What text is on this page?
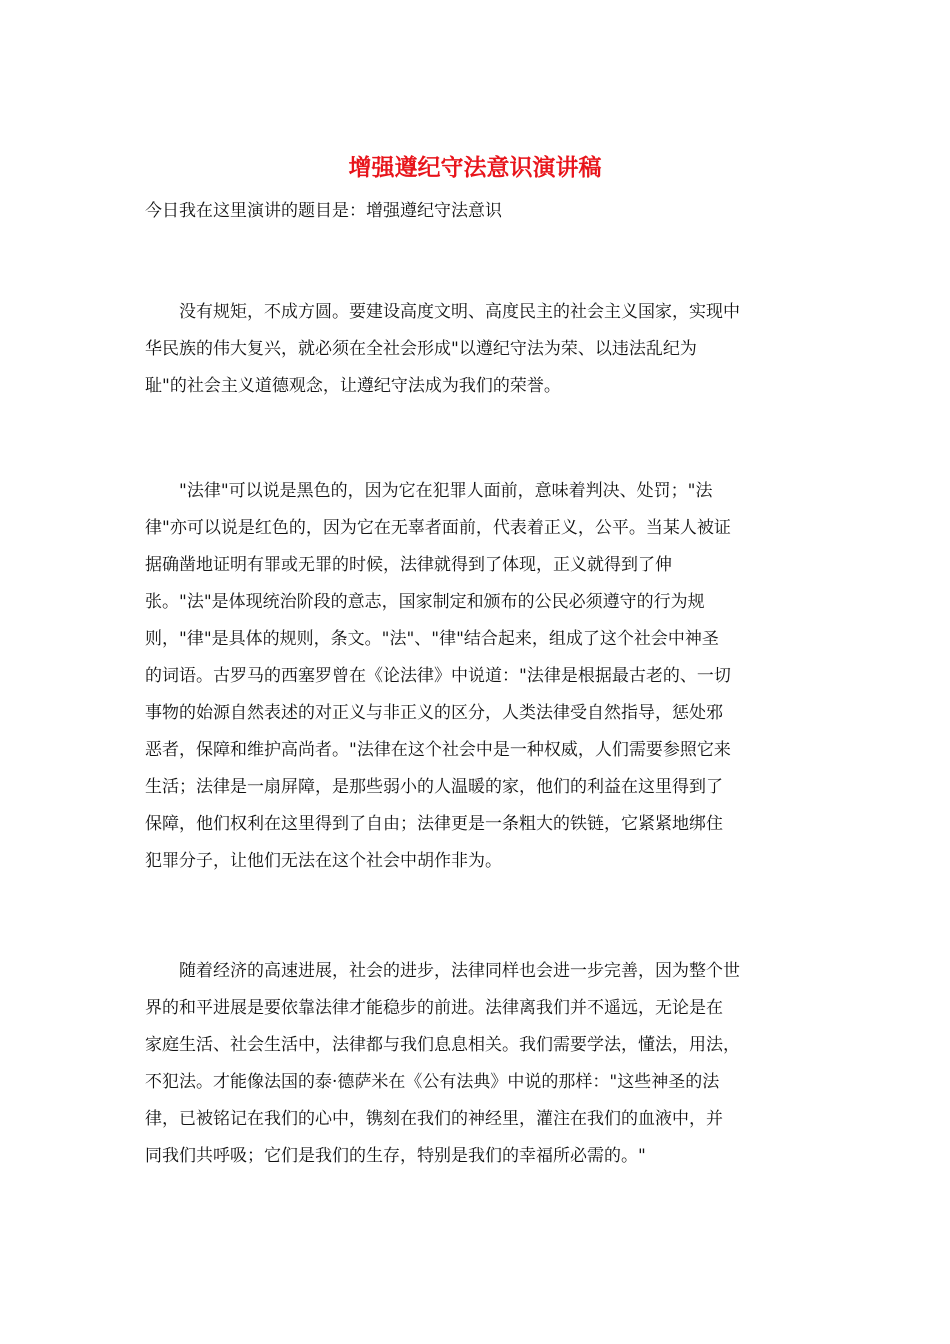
增强遵纪守法意识演讲稿
今日我在这里演讲的题目是：增强遵纪守法意识
　　没有规矩，不成方圆。要建设高度文明、高度民主的社会主义国家，实现中
华民族的伟大复兴，就必须在全社会形成"以遵纪守法为荣、以违法乱纪为
耻"的社会主义道德观念，让遵纪守法成为我们的荣誉。
　　"法律"可以说是黑色的，因为它在犯罪人面前，意味着判决、处罚；"法
律"亦可以说是红色的，因为它在无辜者面前，代表着正义，公平。当某人被证
据确凿地证明有罪或无罪的时候，法律就得到了体现，正义就得到了伸
张。"法"是体现统治阶段的意志，国家制定和颁布的公民必须遵守的行为规
则，"律"是具体的规则，条文。"法"、"律"结合起来，组成了这个社会中神圣
的词语。古罗马的西塞罗曾在《论法律》中说道："法律是根据最古老的、一切
事物的始源自然表述的对正义与非正义的区分，人类法律受自然指导，惩处邪
恶者，保障和维护高尚者。"法律在这个社会中是一种权威，人们需要参照它来
生活；法律是一扇屏障，是那些弱小的人温暖的家，他们的利益在这里得到了
保障，他们权利在这里得到了自由；法律更是一条粗大的铁链，它紧紧地绑住
犯罪分子，让他们无法在这个社会中胡作非为。
　　随着经济的高速进展，社会的进步，法律同样也会进一步完善，因为整个世
界的和平进展是要依靠法律才能稳步的前进。法律离我们并不遥远，无论是在
家庭生活、社会生活中，法律都与我们息息相关。我们需要学法，懂法，用法，
不犯法。才能像法国的泰·德萨米在《公有法典》中说的那样："这些神圣的法
律，已被铭记在我们的心中，镌刻在我们的神经里，灌注在我们的血液中，并
同我们共呼吸；它们是我们的生存，特别是我们的幸福所必需的。"
